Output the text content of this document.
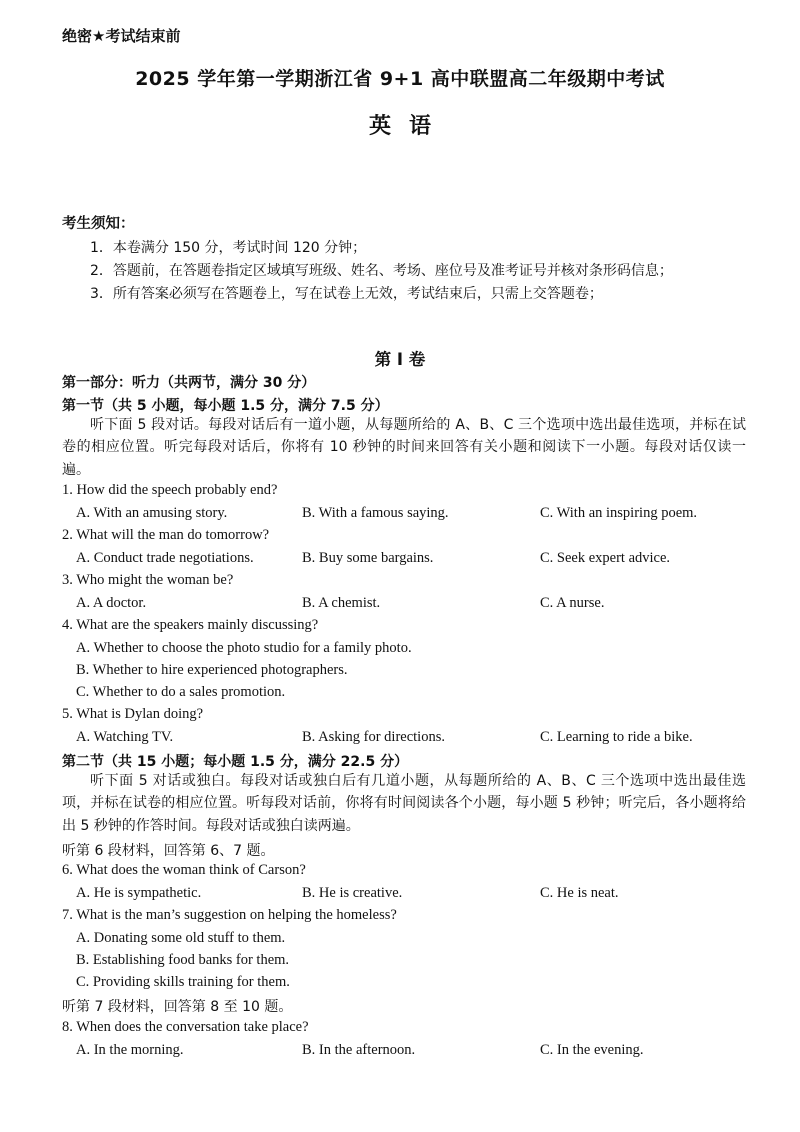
绝密★考试结束前
2025 学年第一学期浙江省 9+1 高中联盟高二年级期中考试
英语
考生须知：
1．本卷满分 150 分，考试时间 120 分钟；
2．答题前，在答题卷指定区域填写班级、姓名、考场、座位号及准考证号并核对条形码信息；
3．所有答案必须写在答题卷上，写在试卷上无效，考试结束后，只需上交答题卷；
第 I 卷
第一部分：听力（共两节，满分 30 分）
第一节（共 5 小题，每小题 1.5 分，满分 7.5 分）
听下面 5 段对话。每段对话后有一道小题，从每题所给的 A、B、C 三个选项中选出最佳选项，并标在试卷的相应位置。听完每段对话后，你将有 10 秒钟的时间来回答有关小题和阅读下一小题。每段对话仅读一遍。
1. How did the speech probably end?
A. With an amusing story.	B. With a famous saying.	C. With an inspiring poem.
2. What will the man do tomorrow?
A. Conduct trade negotiations.	B. Buy some bargains.	C. Seek expert advice.
3. Who might the woman be?
A. A doctor.	B. A chemist.	C. A nurse.
4. What are the speakers mainly discussing?
A. Whether to choose the photo studio for a family photo.
B. Whether to hire experienced photographers.
C. Whether to do a sales promotion.
5. What is Dylan doing?
A. Watching TV.	B. Asking for directions.	C. Learning to ride a bike.
第二节（共 15 小题；每小题 1.5 分，满分 22.5 分）
听下面 5 对话或独白。每段对话或独白后有几道小题，从每题所给的 A、B、C 三个选项中选出最佳选项，并标在试卷的相应位置。听每段对话前，你将有时间阅读各个小题，每小题 5 秒钟；听完后，各小题将给出 5 秒钟的作答时间。每段对话或独白读两遍。
听第 6 段材料，回答第 6、7 题。
6. What does the woman think of Carson?
A. He is sympathetic.	B. He is creative.	C. He is neat.
7. What is the man’s suggestion on helping the homeless?
A. Donating some old stuff to them.
B. Establishing food banks for them.
C. Providing skills training for them.
听第 7 段材料，回答第 8 至 10 题。
8. When does the conversation take place?
A. In the morning.	B. In the afternoon.	C. In the evening.
